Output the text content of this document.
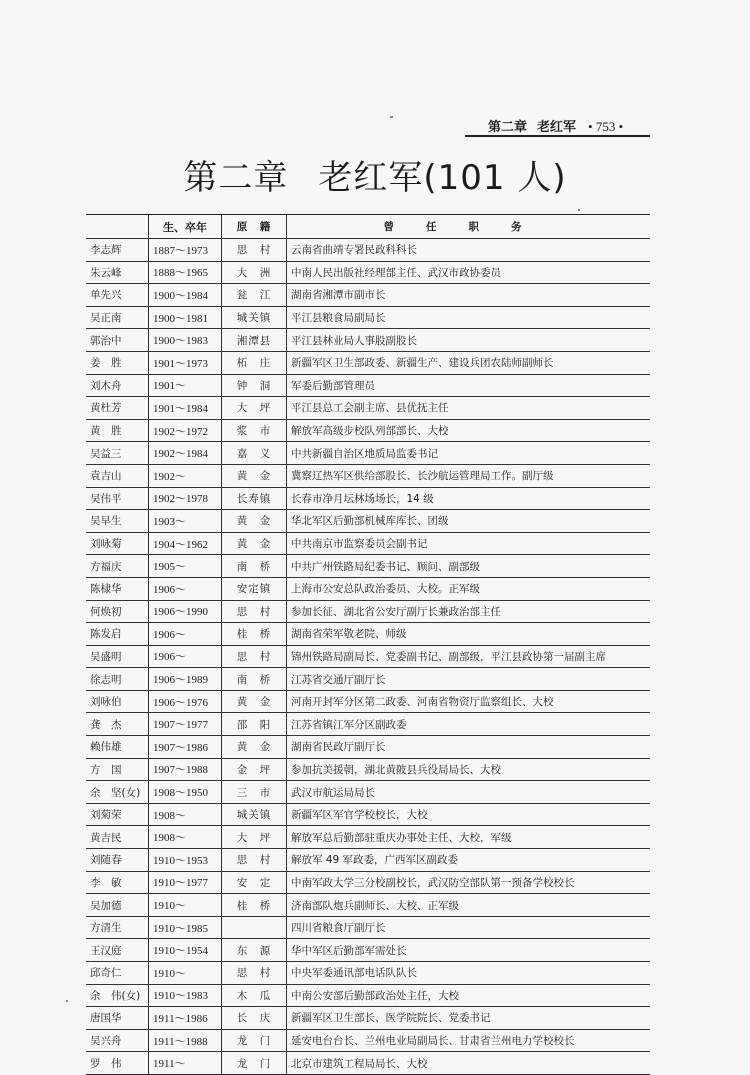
第二章 老红军 • 753 •
第二章 老红军(101 人)
	生、卒年	原　籍	曾任职务
李志辉	1887～1973	思　村	云南省曲靖专署民政科科长
朱云峰	1888～1965	大　洲	中南人民出版社经理部主任、武汉市政协委员
单先兴	1900～1984	瓮　江	湖南省湘潭市副市长
吴正南	1900～1981	城关镇	平江县粮食局副局长
郭治中	1900～1983	湘潭县	平江县林业局人事股副股长
姜　胜	1901～1973	柘　庄	新疆军区卫生部政委、新疆生产、建设兵团农陆师副师长
刘木舟	1901～	钟　洞	军委后勤部管理员
黄杜芳	1901～1984	大　坪	平江县总工会副主席、县优抚主任
黄　胜	1902～1972	浆　市	解放军高级步校队列部部长、大校
吴益三	1902～1984	嘉　义	中共新疆自治区地质局监委书记
袁吉山	1902～	黄　金	冀察辽热军区供给部股长、长沙航运管理局工作。副厅级
吴伟平	1902～1978	长寿镇	长春市净月坛林场场长，14 级
吴早生	1903～	黄　金	华北军区后勤部机械库库长、团级
刘咏菊	1904～1962	黄　金	中共南京市监察委员会副书记
方福庆	1905～	南　桥	中共广州铁路局纪委书记、顾问、副部级
陈棣华	1906～	安定镇	上海市公安总队政治委员、大校。正军级
何焕初	1906～1990	思　村	参加长征、湖北省公安厅副厅长兼政治部主任
陈发启	1906～	桂　桥	湖南省荣军敬老院、师级
吴盛明	1906～	思　村	锦州铁路局副局长、党委副书记、副部级，平江县政协第一届副主席
徐志明	1906～1989	南　桥	江苏省交通厅副厅长
刘咏伯	1906～1976	黄　金	河南开封军分区第二政委、河南省物资厅监察组长、大校
龚　杰	1907～1977	邵　阳	江苏省镇江军分区副政委
赖伟雄	1907～1986	黄　金	湖南省民政厅副厅长
方　国	1907～1988	金　坪	参加抗美援朝，湖北黄陂县兵役局局长、大校
余　坚(女)	1908～1950	三　市	武汉市航运局局长
刘菊荣	1908～	城关镇	新疆军区军官学校校长，大校
黄吉民	1908～	大　坪	解放军总后勤部驻重庆办事处主任、大校，军级
刘随春	1910～1953	思　村	解放军 49 军政委，广西军区副政委
李　敏	1910～1977	安　定	中南军政大学三分校副校长，武汉防空部队第一预备学校校长
吴加德	1910～	桂　桥	济南部队炮兵副师长、大校、正军级
方清生	1910～1985		四川省粮食厅副厅长
王汉庭	1910～1954	东　源	华中军区后勤部军需处长
邱奇仁	1910～	思　村	中央军委通讯部电话队队长
余　伟(女)	1910～1983	木　瓜	中南公安部后勤部政治处主任，大校
唐国华	1911～1986	长　庆	新疆军区卫生部长、医学院院长、党委书记
吴兴舟	1911～1988	龙　门	延安电台台长、兰州电业局副局长、甘肃省兰州电力学校校长
罗　伟	1911～	龙　门	北京市建筑工程局局长、大校
